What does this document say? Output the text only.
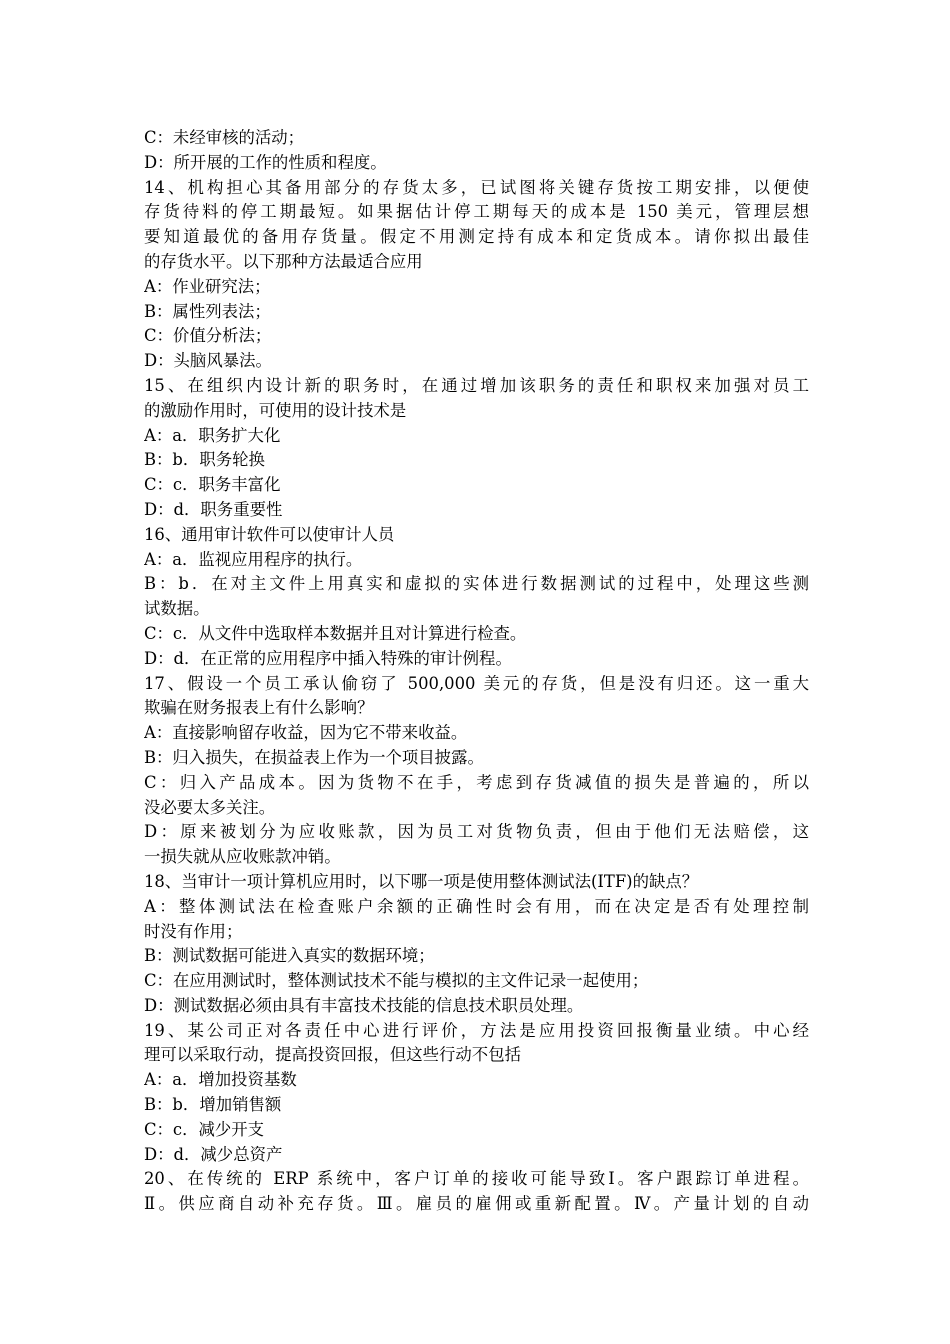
C：未经审核的活动；
D：所开展的工作的性质和程度。
14、机构担心其备用部分的存货太多，已试图将关键存货按工期安排，以便使
存货待料的停工期最短。如果据估计停工期每天的成本是 150 美元，管理层想
要知道最优的备用存货量。假定不用测定持有成本和定货成本。请你拟出最佳
的存货水平。以下那种方法最适合应用
A：作业研究法；
B：属性列表法；
C：价值分析法；
D：头脑风暴法。
15、在组织内设计新的职务时，在通过增加该职务的责任和职权来加强对员工
的激励作用时，可使用的设计技术是
A：a．职务扩大化
B：b．职务轮换
C：c．职务丰富化
D：d．职务重要性
16、通用审计软件可以使审计人员
A：a．监视应用程序的执行。
B：b．在对主文件上用真实和虚拟的实体进行数据测试的过程中，处理这些测
试数据。
C：c．从文件中选取样本数据并且对计算进行检查。
D：d．在正常的应用程序中插入特殊的审计例程。
17、假设一个员工承认偷窃了 500,000 美元的存货，但是没有归还。这一重大
欺骗在财务报表上有什么影响？
A：直接影响留存收益，因为它不带来收益。
B：归入损失，在损益表上作为一个项目披露。
C：归入产品成本。因为货物不在手，考虑到存货减值的损失是普遍的，所以
没必要太多关注。
D：原来被划分为应收账款，因为员工对货物负责，但由于他们无法赔偿，这
一损失就从应收账款冲销。
18、当审计一项计算机应用时，以下哪一项是使用整体测试法(ITF)的缺点？
A：整体测试法在检查账户余额的正确性时会有用，而在决定是否有处理控制
时没有作用；
B：测试数据可能进入真实的数据环境；
C：在应用测试时，整体测试技术不能与模拟的主文件记录一起使用；
D：测试数据必须由具有丰富技术技能的信息技术职员处理。
19、某公司正对各责任中心进行评价，方法是应用投资回报衡量业绩。中心经
理可以采取行动，提高投资回报，但这些行动不包括
A：a．增加投资基数
B：b．增加销售额
C：c．减少开支
D：d．减少总资产
20、在传统的 ERP 系统中，客户订单的接收可能导致Ⅰ。客户跟踪订单进程。
Ⅱ。供应商自动补充存货。Ⅲ。雇员的雇佣或重新配置。Ⅳ。产量计划的自动
